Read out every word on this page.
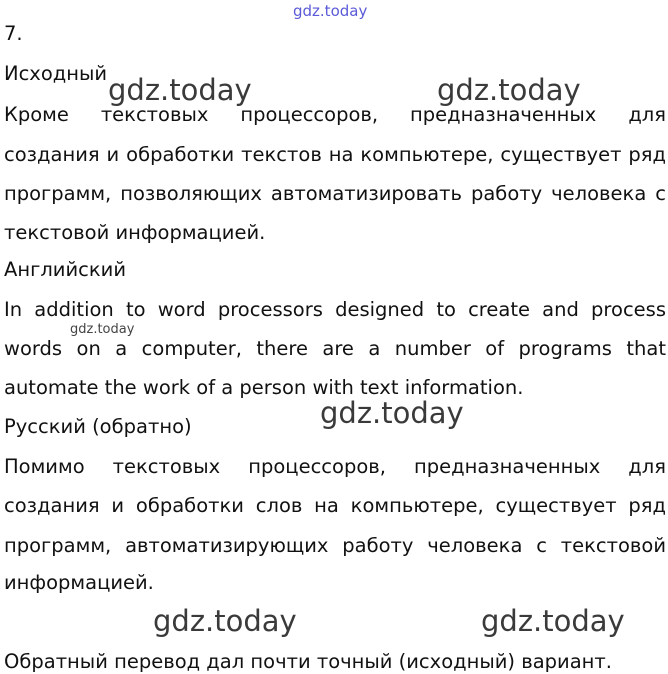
gdz.today
7.
Исходный gdz.today	gdz.today
Кроме текстовых процессоров, предназначенных для
создания и обработки текстов на компьютере, существует ряд
программ, позволяющих автоматизировать работу человека с
текстовой информацией.
Английский
In addition to word processors designed to create and process
gdz.today
words on a computer, there are a number of programs that
automate the work of a person with text information.
Русский (обратно)	gdz.today
Помимо текстовых процессоров, предназначенных для
создания и обработки слов на компьютере, существует ряд
программ, автоматизирующих работу человека с текстовой
информацией.
gdz.today	gdz.today
Обратный перевод дал почти точный (исходный) вариант.
